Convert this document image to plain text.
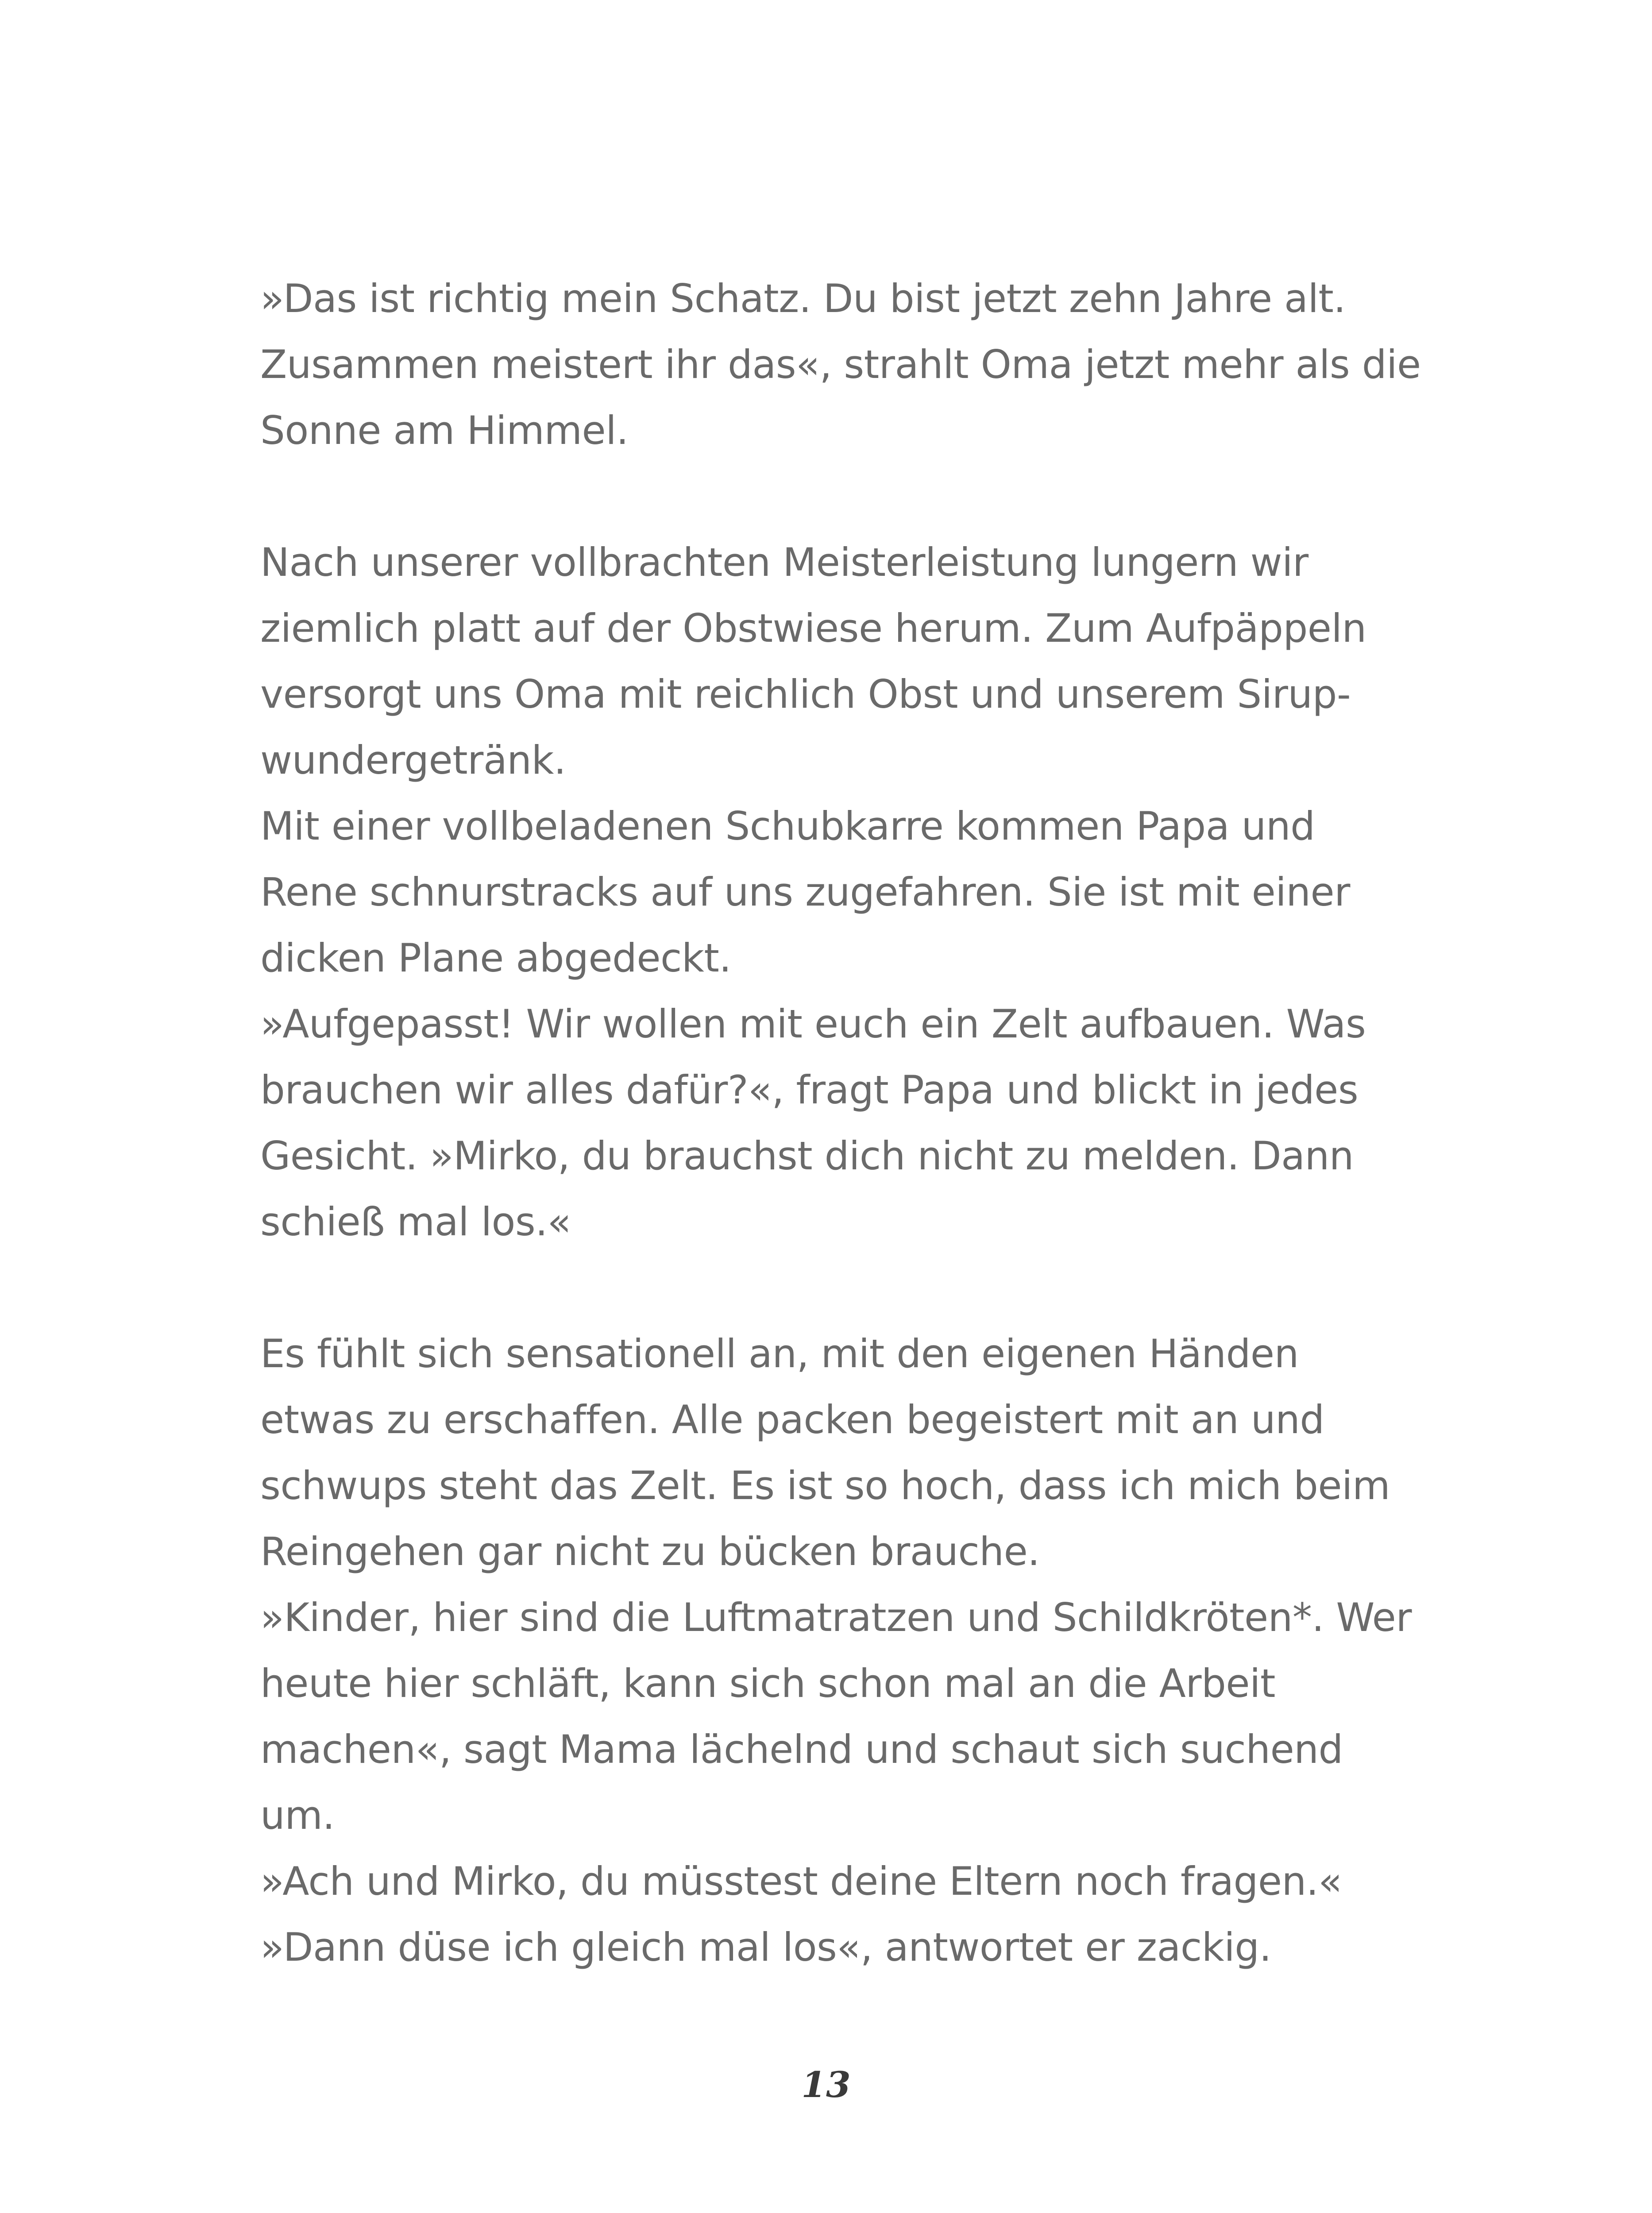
»Das ist richtig mein Schatz. Du bist jetzt zehn Jahre alt.
Zusammen meistert ihr das«, strahlt Oma jetzt mehr als die
Sonne am Himmel.
Nach unserer vollbrachten Meisterleistung lungern wir
ziemlich platt auf der Obstwiese herum. Zum Aufpäppeln
versorgt uns Oma mit reichlich Obst und unserem Sirup-
wundergetränk.
Mit einer vollbeladenen Schubkarre kommen Papa und
Rene schnurstracks auf uns zugefahren. Sie ist mit einer
dicken Plane abgedeckt.
»Aufgepasst! Wir wollen mit euch ein Zelt aufbauen. Was
brauchen wir alles dafür?«, fragt Papa und blickt in jedes
Gesicht. »Mirko, du brauchst dich nicht zu melden. Dann
schieß mal los.«
Es fühlt sich sensationell an, mit den eigenen Händen
etwas zu erschaffen. Alle packen begeistert mit an und
schwups steht das Zelt. Es ist so hoch, dass ich mich beim
Reingehen gar nicht zu bücken brauche.
»Kinder, hier sind die Luftmatratzen und Schildkröten*. Wer
heute hier schläft, kann sich schon mal an die Arbeit
machen«, sagt Mama lächelnd und schaut sich suchend
um.
»Ach und Mirko, du müsstest deine Eltern noch fragen.«
»Dann düse ich gleich mal los«, antwortet er zackig.
13
